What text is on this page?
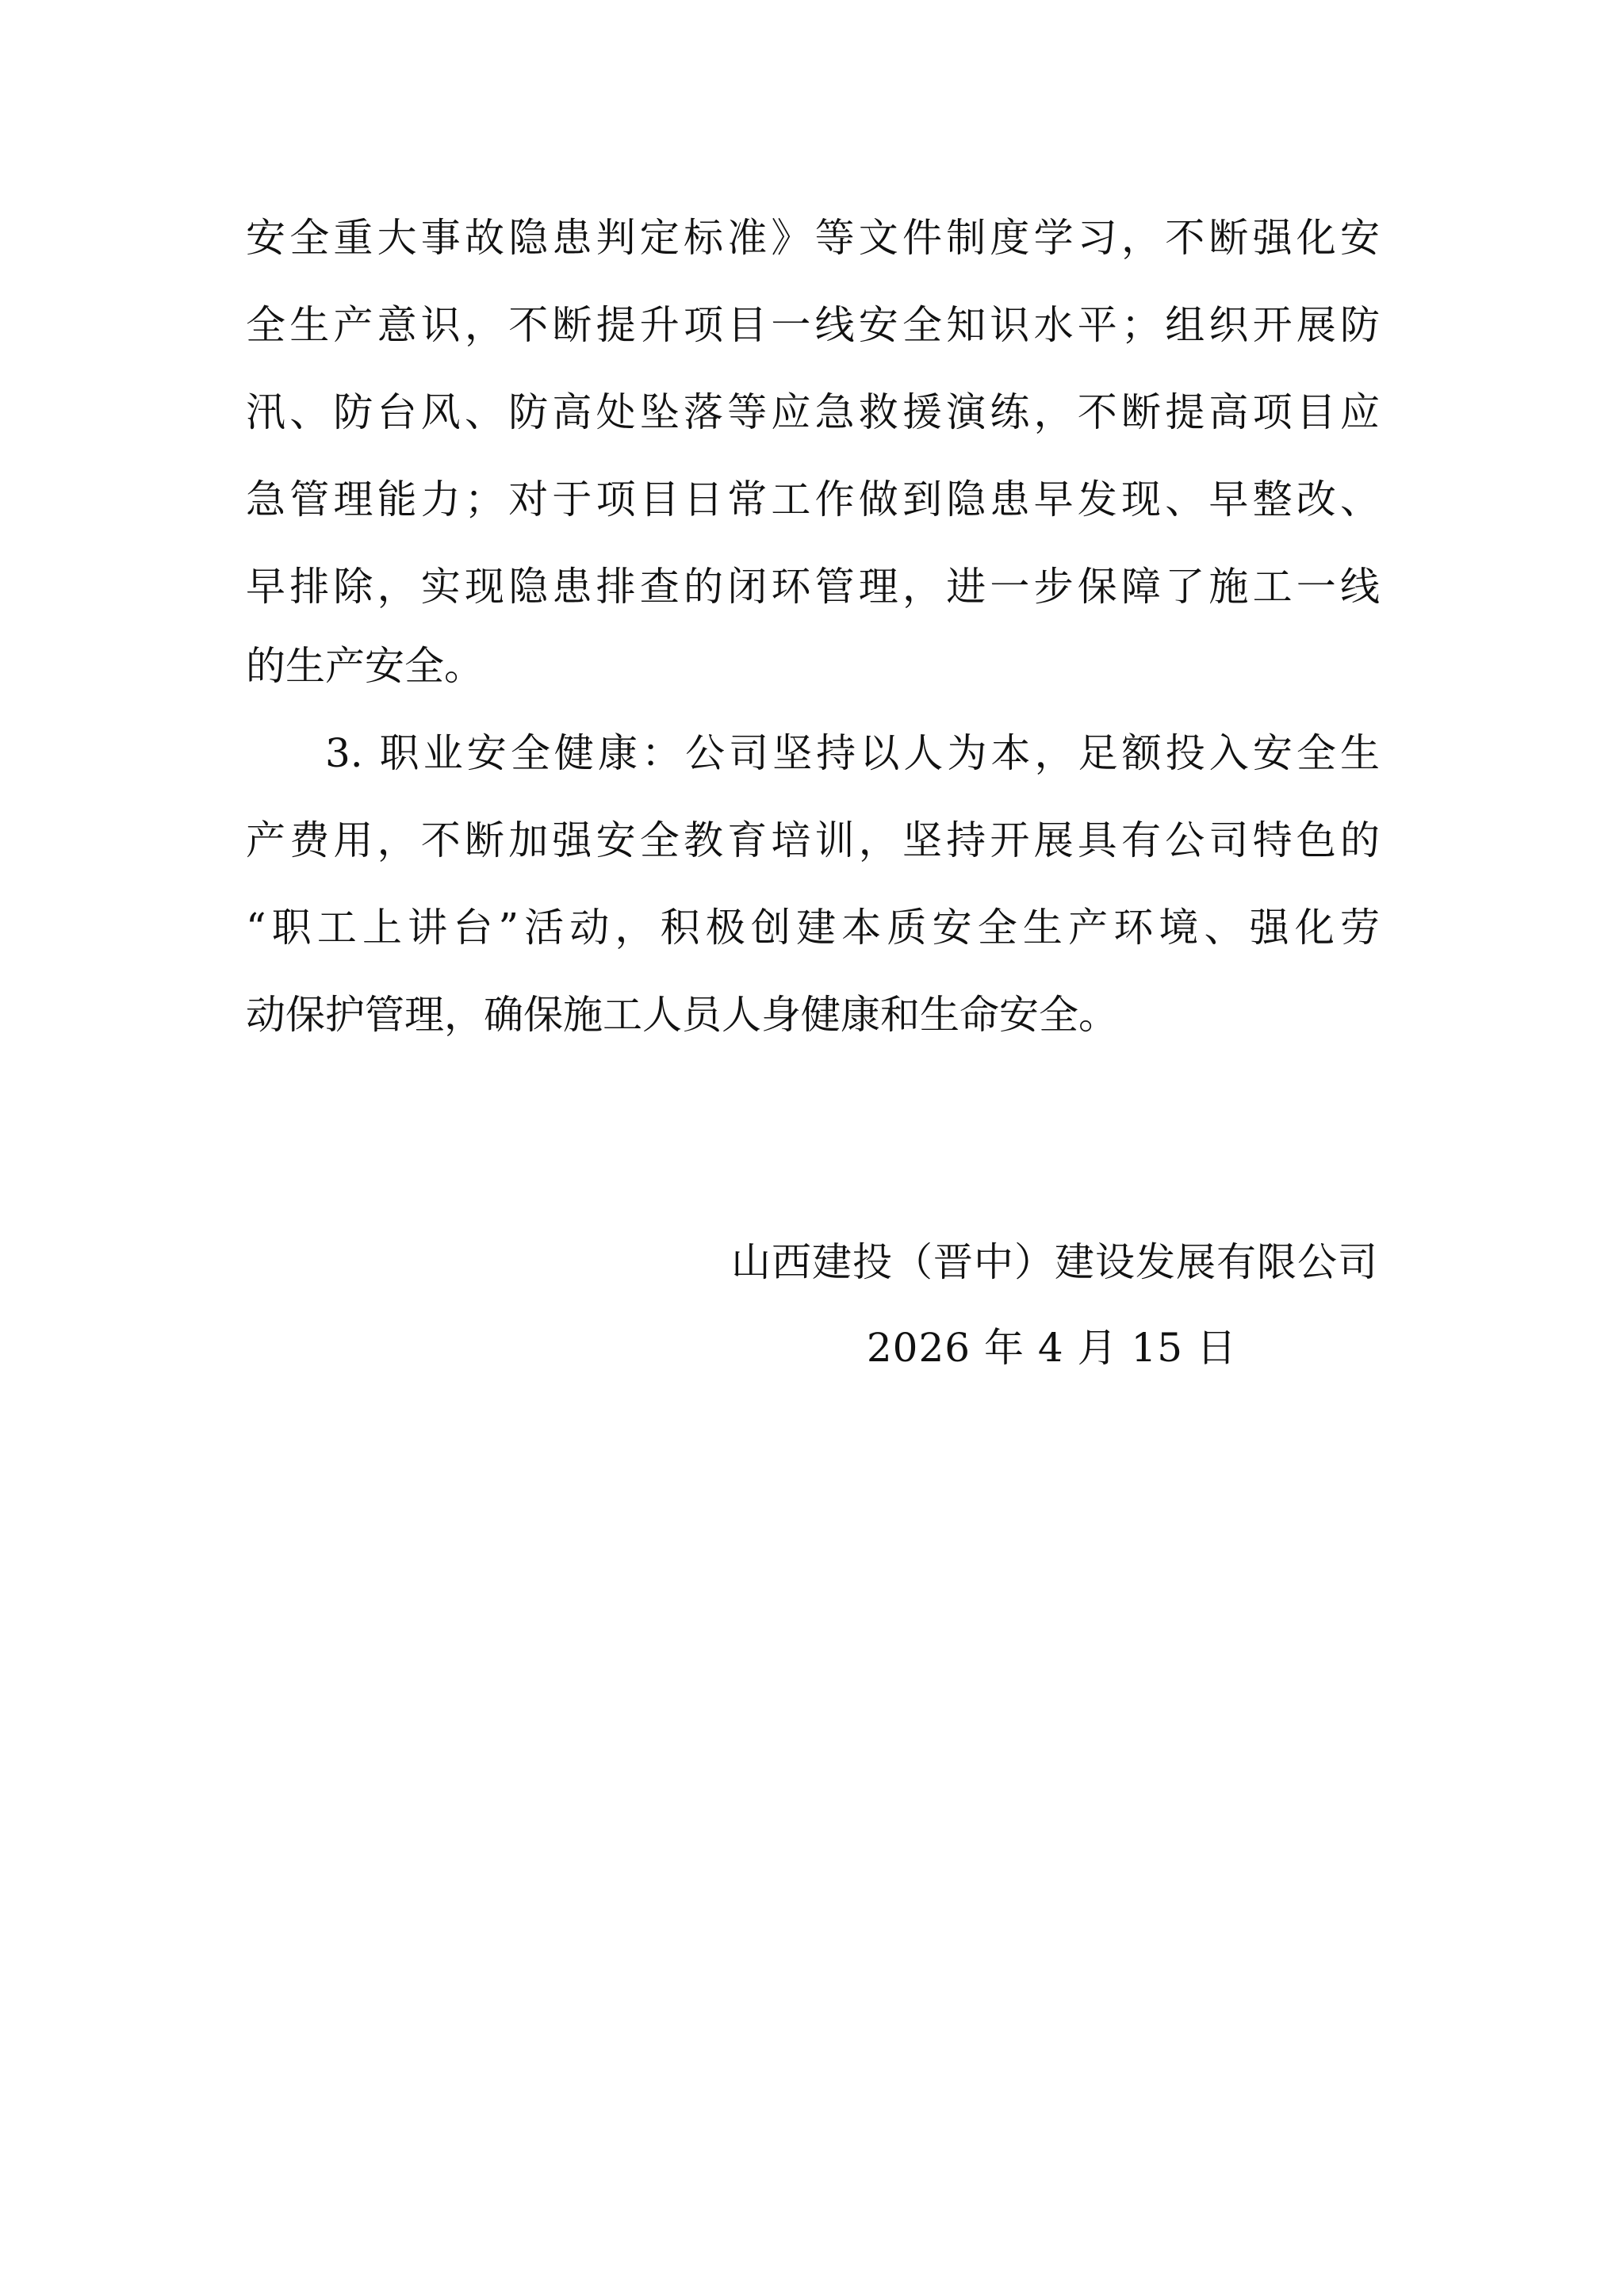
安全重大事故隐患判定标准》等文件制度学习，不断强化安
全生产意识，不断提升项目一线安全知识水平；组织开展防
汛、防台风、防高处坠落等应急救援演练，不断提高项目应
急管理能力；对于项目日常工作做到隐患早发现、早整改、
早排除，实现隐患排查的闭环管理，进一步保障了施工一线
的生产安全。
3. 职业安全健康：公司坚持以人为本，足额投入安全生
产费用，不断加强安全教育培训，坚持开展具有公司特色的
“职工上讲台”活动，积极创建本质安全生产环境、强化劳
动保护管理，确保施工人员人身健康和生命安全。
山西建投（晋中）建设发展有限公司
2026 年 4 月 15 日
